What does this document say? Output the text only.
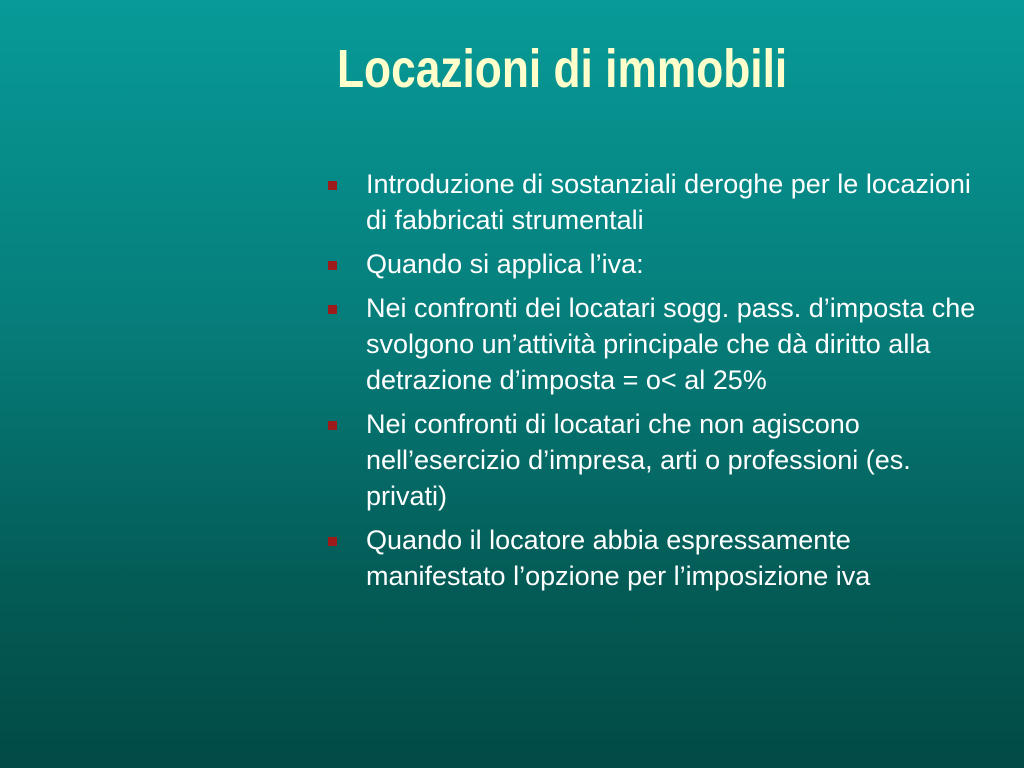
Locazioni di immobili
Introduzione di sostanziali deroghe per le locazioni di fabbricati strumentali
Quando si applica l’iva:
Nei confronti dei locatari sogg. pass. d’imposta che svolgono un’attività principale che dà diritto alla detrazione d’imposta = o< al 25%
Nei confronti di locatari che non agiscono nell’esercizio d’impresa, arti o professioni (es. privati)
Quando il locatore abbia espressamente manifestato l’opzione per l’imposizione iva
